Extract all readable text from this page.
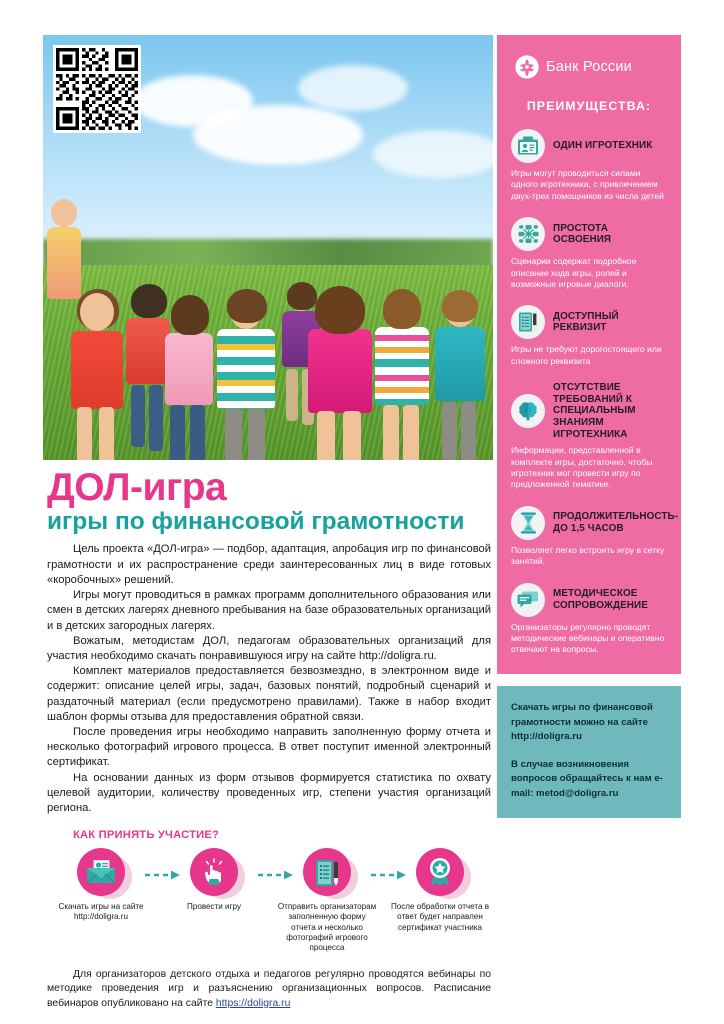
ДОЛ-игра
игры по финансовой грамотности

Цель проекта «ДОЛ-игра» — подбор, адаптация, апробация игр по финансовой грамотности и их распространение среди заинтересованных лиц в виде готовых «коробочных» решений.

Игры могут проводиться в рамках программ дополнительного образования или смен в детских лагерях дневного пребывания на базе образовательных организаций и в детских загородных лагерях.

Вожатым, методистам ДОЛ, педагогам образовательных организаций для участия необходимо скачать понравившуюся игру на сайте http://doligra.ru.

Комплект материалов предоставляется безвозмездно, в электронном виде и содержит: описание целей игры, задач, базовых понятий, подробный сценарий и раздаточный материал (если предусмотрено правилами). Также в набор входит шаблон формы отзыва для предоставления обратной связи.

После проведения игры необходимо направить заполненную форму отчета и несколько фотографий игрового процесса. В ответ поступит именной электронный сертификат.

На основании данных из форм отзывов формируется статистика по охвату целевой аудитории, количеству проведенных игр, степени участия организаций региона.

КАК ПРИНЯТЬ УЧАСТИЕ?
Скачать игры на сайте http://doligra.ru
Провести игру	Отправить организаторам заполненную форму отчета и несколько фотографий игрового процесса
После обработки отчета в ответ будет направлен сертификат участника
Для организаторов детского отдыха и педагогов регулярно проводятся вебинары по методике проведения игр и разъяснению организационных вопросов. Расписание вебинаров опубликовано на сайте https://doligra.ru
Банк России
ПРЕИМУЩЕСТВА:
ОДИН ИГРОТЕХНИК
Игры могут проводиться силами одного игротехника, с привлечением двух-трех помощников из числа детей
ПРОСТОТА ОСВОЕНИЯ
Сценарии содержат подробное описание хода игры, ролей и возможные игровые диалоги.
ДОСТУПНЫЙ РЕКВИЗИТ
Игры не требуют дорогостоящего или сложного реквизита
ОТСУТСТВИЕ ТРЕБОВАНИЙ К СПЕЦИАЛЬНЫМ ЗНАНИЯМ ИГРОТЕХНИКА
Информации, представленной в комплекте игры, достаточно, чтобы игротехник мог провести игру по предложенной тематике.
ПРОДОЛЖИТЕЛЬНОСТЬ- ДО 1,5 ЧАСОВ
Позволяет легко встроить игру в сетку занятий.
МЕТОДИЧЕСКОЕ СОПРОВОЖДЕНИЕ
Организаторы регулярно проводят методические вебинары и оперативно отвечают на вопросы.

Скачать игры по финансовой грамотности можно на сайте http://doligra.ru

В случае возникновения вопросов обращайтесь к нам e-mail: metod@doligra.ru
